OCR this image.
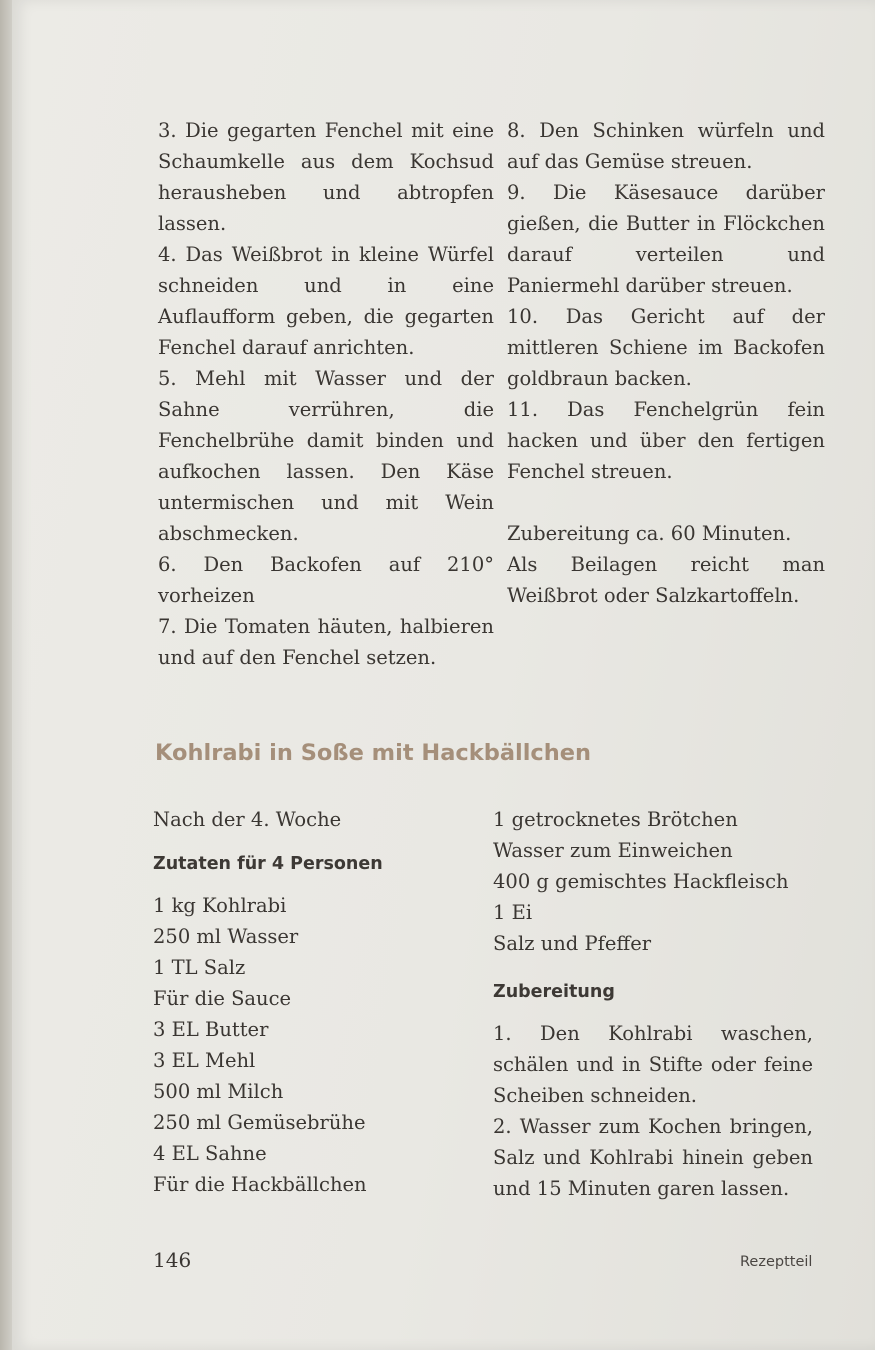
3. Die gegarten Fenchel mit eine Schaumkelle aus dem Kochsud herausheben und abtropfen lassen.

4. Das Weißbrot in kleine Würfel schneiden und in eine Auflaufform geben, die gegarten Fenchel darauf anrichten.

5. Mehl mit Wasser und der Sahne verrühren, die Fenchelbrühe damit binden und aufkochen lassen. Den Käse untermischen und mit Wein abschmecken.

6. Den Backofen auf 210° vorheizen

7. Die Tomaten häuten, halbieren und auf den Fenchel setzen.

8. Den Schinken würfeln und auf das Gemüse streuen.

9. Die Käsesauce darüber gießen, die Butter in Flöckchen darauf verteilen und Paniermehl darüber streuen.

10. Das Gericht auf der mittleren Schiene im Backofen goldbraun backen.

11. Das Fenchelgrün fein hacken und über den fertigen Fenchel streuen.

Zubereitung ca. 60 Minuten.

Als Beilagen reicht man Weißbrot oder Salzkartoffeln.

Kohlrabi in Soße mit Hackbällchen

Nach der 4. Woche

Zutaten für 4 Personen

1 kg Kohlrabi

250 ml Wasser

1 TL Salz

Für die Sauce

3 EL Butter

3 EL Mehl

500 ml Milch

250 ml Gemüsebrühe

4 EL Sahne

Für die Hackbällchen

1 getrocknetes Brötchen

Wasser zum Einweichen

400 g gemischtes Hackfleisch

1 Ei

Salz und Pfeffer

Zubereitung

1. Den Kohlrabi waschen, schälen und in Stifte oder feine Scheiben schneiden.

2. Wasser zum Kochen bringen, Salz und Kohlrabi hinein geben und 15 Minuten garen lassen.

146	Rezeptteil
